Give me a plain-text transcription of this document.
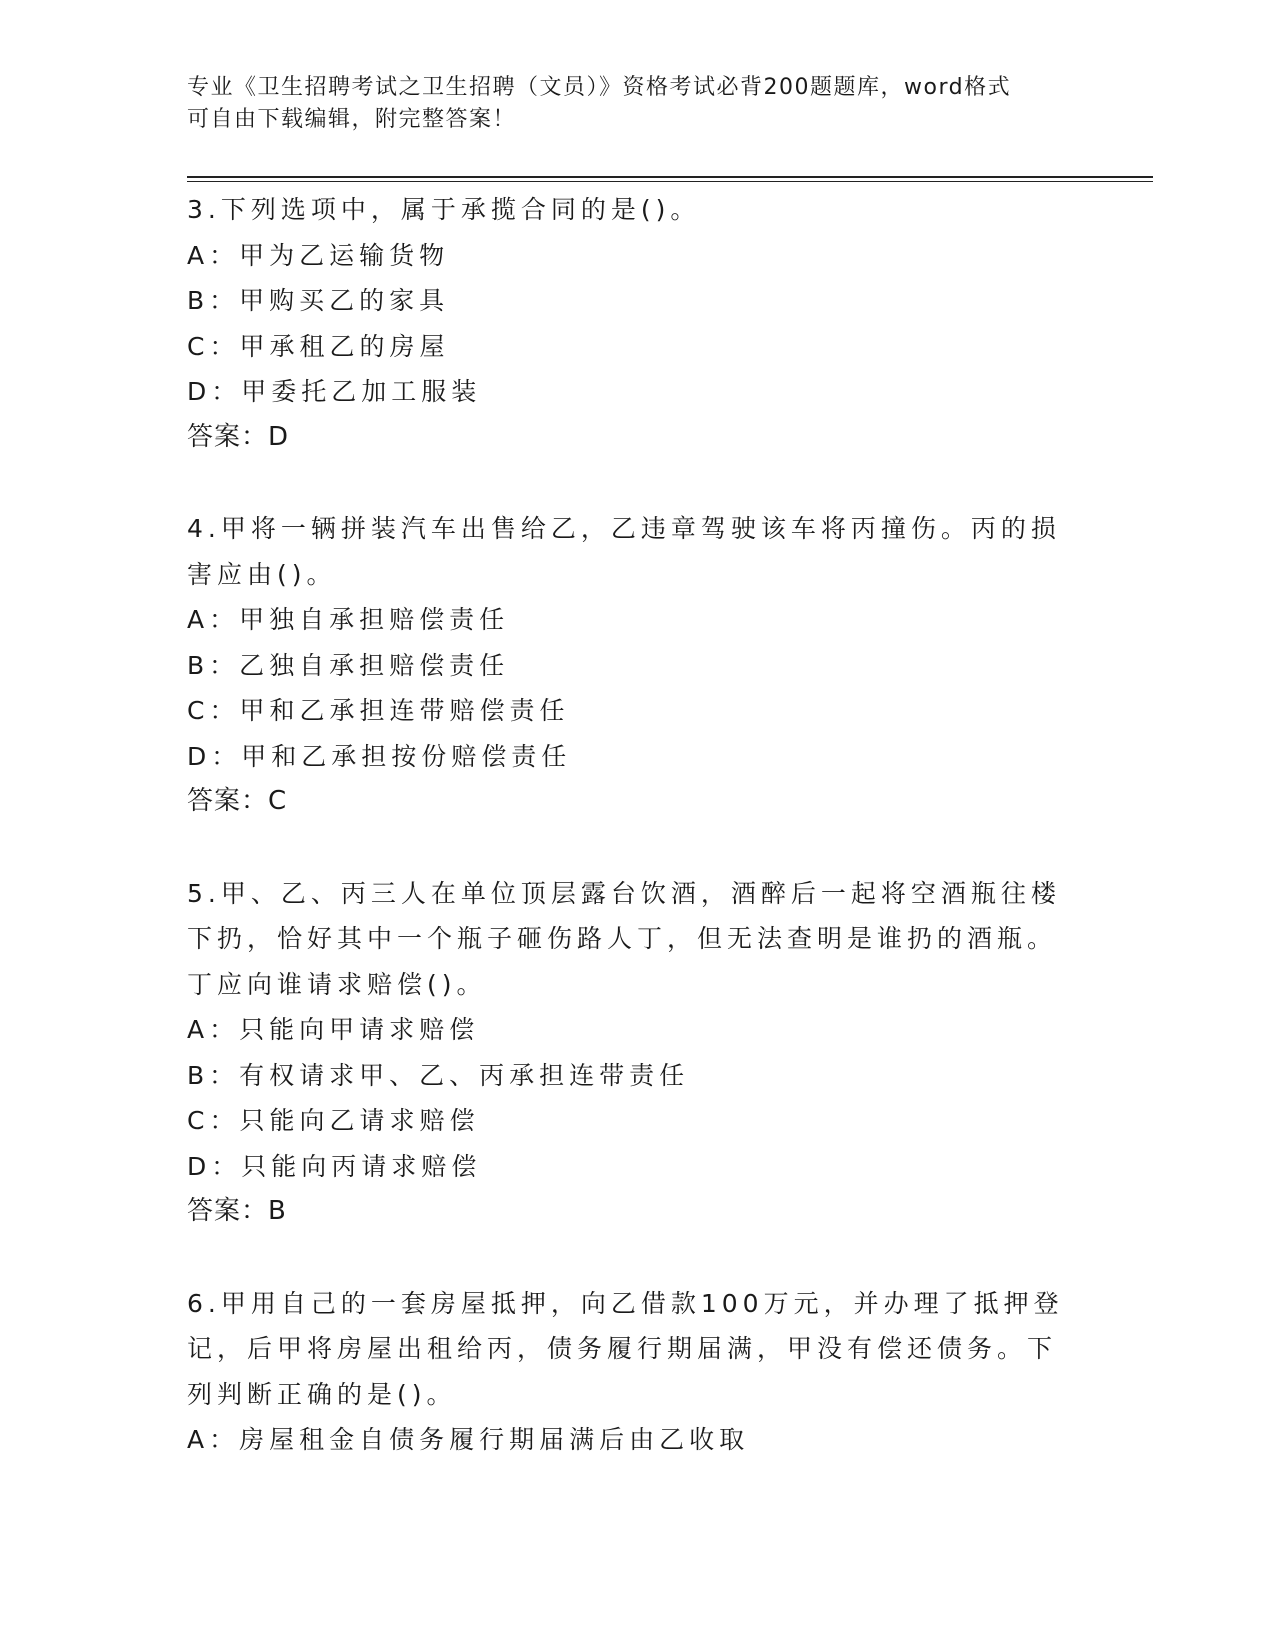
专业《卫生招聘考试之卫生招聘（文员）》资格考试必背200题题库，word格式
可自由下载编辑，附完整答案！
3.下列选项中，属于承揽合同的是()。
A：甲为乙运输货物
B：甲购买乙的家具
C：甲承租乙的房屋
D：甲委托乙加工服装
答案：D
4.甲将一辆拼装汽车出售给乙，乙违章驾驶该车将丙撞伤。丙的损害应由()。
A：甲独自承担赔偿责任
B：乙独自承担赔偿责任
C：甲和乙承担连带赔偿责任
D：甲和乙承担按份赔偿责任
答案：C
5.甲、乙、丙三人在单位顶层露台饮酒，酒醉后一起将空酒瓶往楼下扔，恰好其中一个瓶子砸伤路人丁，但无法查明是谁扔的酒瓶。丁应向谁请求赔偿()。
A：只能向甲请求赔偿
B：有权请求甲、乙、丙承担连带责任
C：只能向乙请求赔偿
D：只能向丙请求赔偿
答案：B
6.甲用自己的一套房屋抵押，向乙借款100万元，并办理了抵押登记，后甲将房屋出租给丙，债务履行期届满，甲没有偿还债务。下列判断正确的是()。
A：房屋租金自债务履行期届满后由乙收取
